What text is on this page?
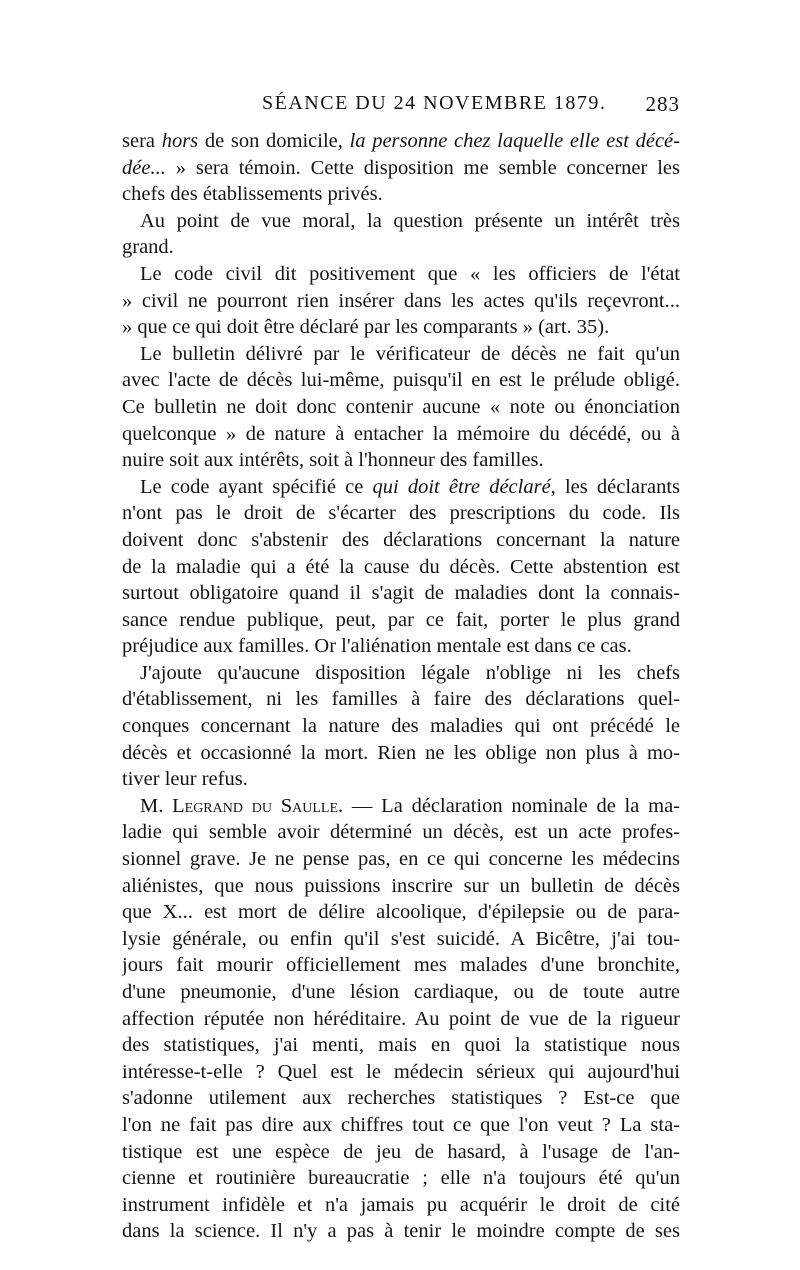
SÉANCE DU 24 NOVEMBRE 1879. 283
sera hors de son domicile, la personne chez laquelle elle est décé-
dée... » sera témoin. Cette disposition me semble concerner les
chefs des établissements privés.
Au point de vue moral, la question présente un intérêt très
grand.
Le code civil dit positivement que « les officiers de l'état
» civil ne pourront rien insérer dans les actes qu'ils reçevront...
» que ce qui doit être déclaré par les comparants » (art. 35).
Le bulletin délivré par le vérificateur de décès ne fait qu'un
avec l'acte de décès lui-même, puisqu'il en est le prélude obligé.
Ce bulletin ne doit donc contenir aucune « note ou énonciation
quelconque » de nature à entacher la mémoire du décédé, ou à
nuire soit aux intérêts, soit à l'honneur des familles.
Le code ayant spécifié ce qui doit être déclaré, les déclarants
n'ont pas le droit de s'écarter des prescriptions du code. Ils
doivent donc s'abstenir des déclarations concernant la nature
de la maladie qui a été la cause du décès. Cette abstention est
surtout obligatoire quand il s'agit de maladies dont la connais-
sance rendue publique, peut, par ce fait, porter le plus grand
préjudice aux familles. Or l'aliénation mentale est dans ce cas.
J'ajoute qu'aucune disposition légale n'oblige ni les chefs
d'établissement, ni les familles à faire des déclarations quel-
conques concernant la nature des maladies qui ont précédé le
décès et occasionné la mort. Rien ne les oblige non plus à mo-
tiver leur refus.
M. Legrand du Saulle. — La déclaration nominale de la ma-
ladie qui semble avoir déterminé un décès, est un acte profes-
sionnel grave. Je ne pense pas, en ce qui concerne les médecins
aliénistes, que nous puissions inscrire sur un bulletin de décès
que X... est mort de délire alcoolique, d'épilepsie ou de para-
lysie générale, ou enfin qu'il s'est suicidé. A Bicêtre, j'ai tou-
jours fait mourir officiellement mes malades d'une bronchite,
d'une pneumonie, d'une lésion cardiaque, ou de toute autre
affection réputée non héréditaire. Au point de vue de la rigueur
des statistiques, j'ai menti, mais en quoi la statistique nous
intéresse-t-elle ? Quel est le médecin sérieux qui aujourd'hui
s'adonne utilement aux recherches statistiques ? Est-ce que
l'on ne fait pas dire aux chiffres tout ce que l'on veut ? La sta-
tistique est une espèce de jeu de hasard, à l'usage de l'an-
cienne et routinière bureaucratie ; elle n'a toujours été qu'un
instrument infidèle et n'a jamais pu acquérir le droit de cité
dans la science. Il n'y a pas à tenir le moindre compte de ses
